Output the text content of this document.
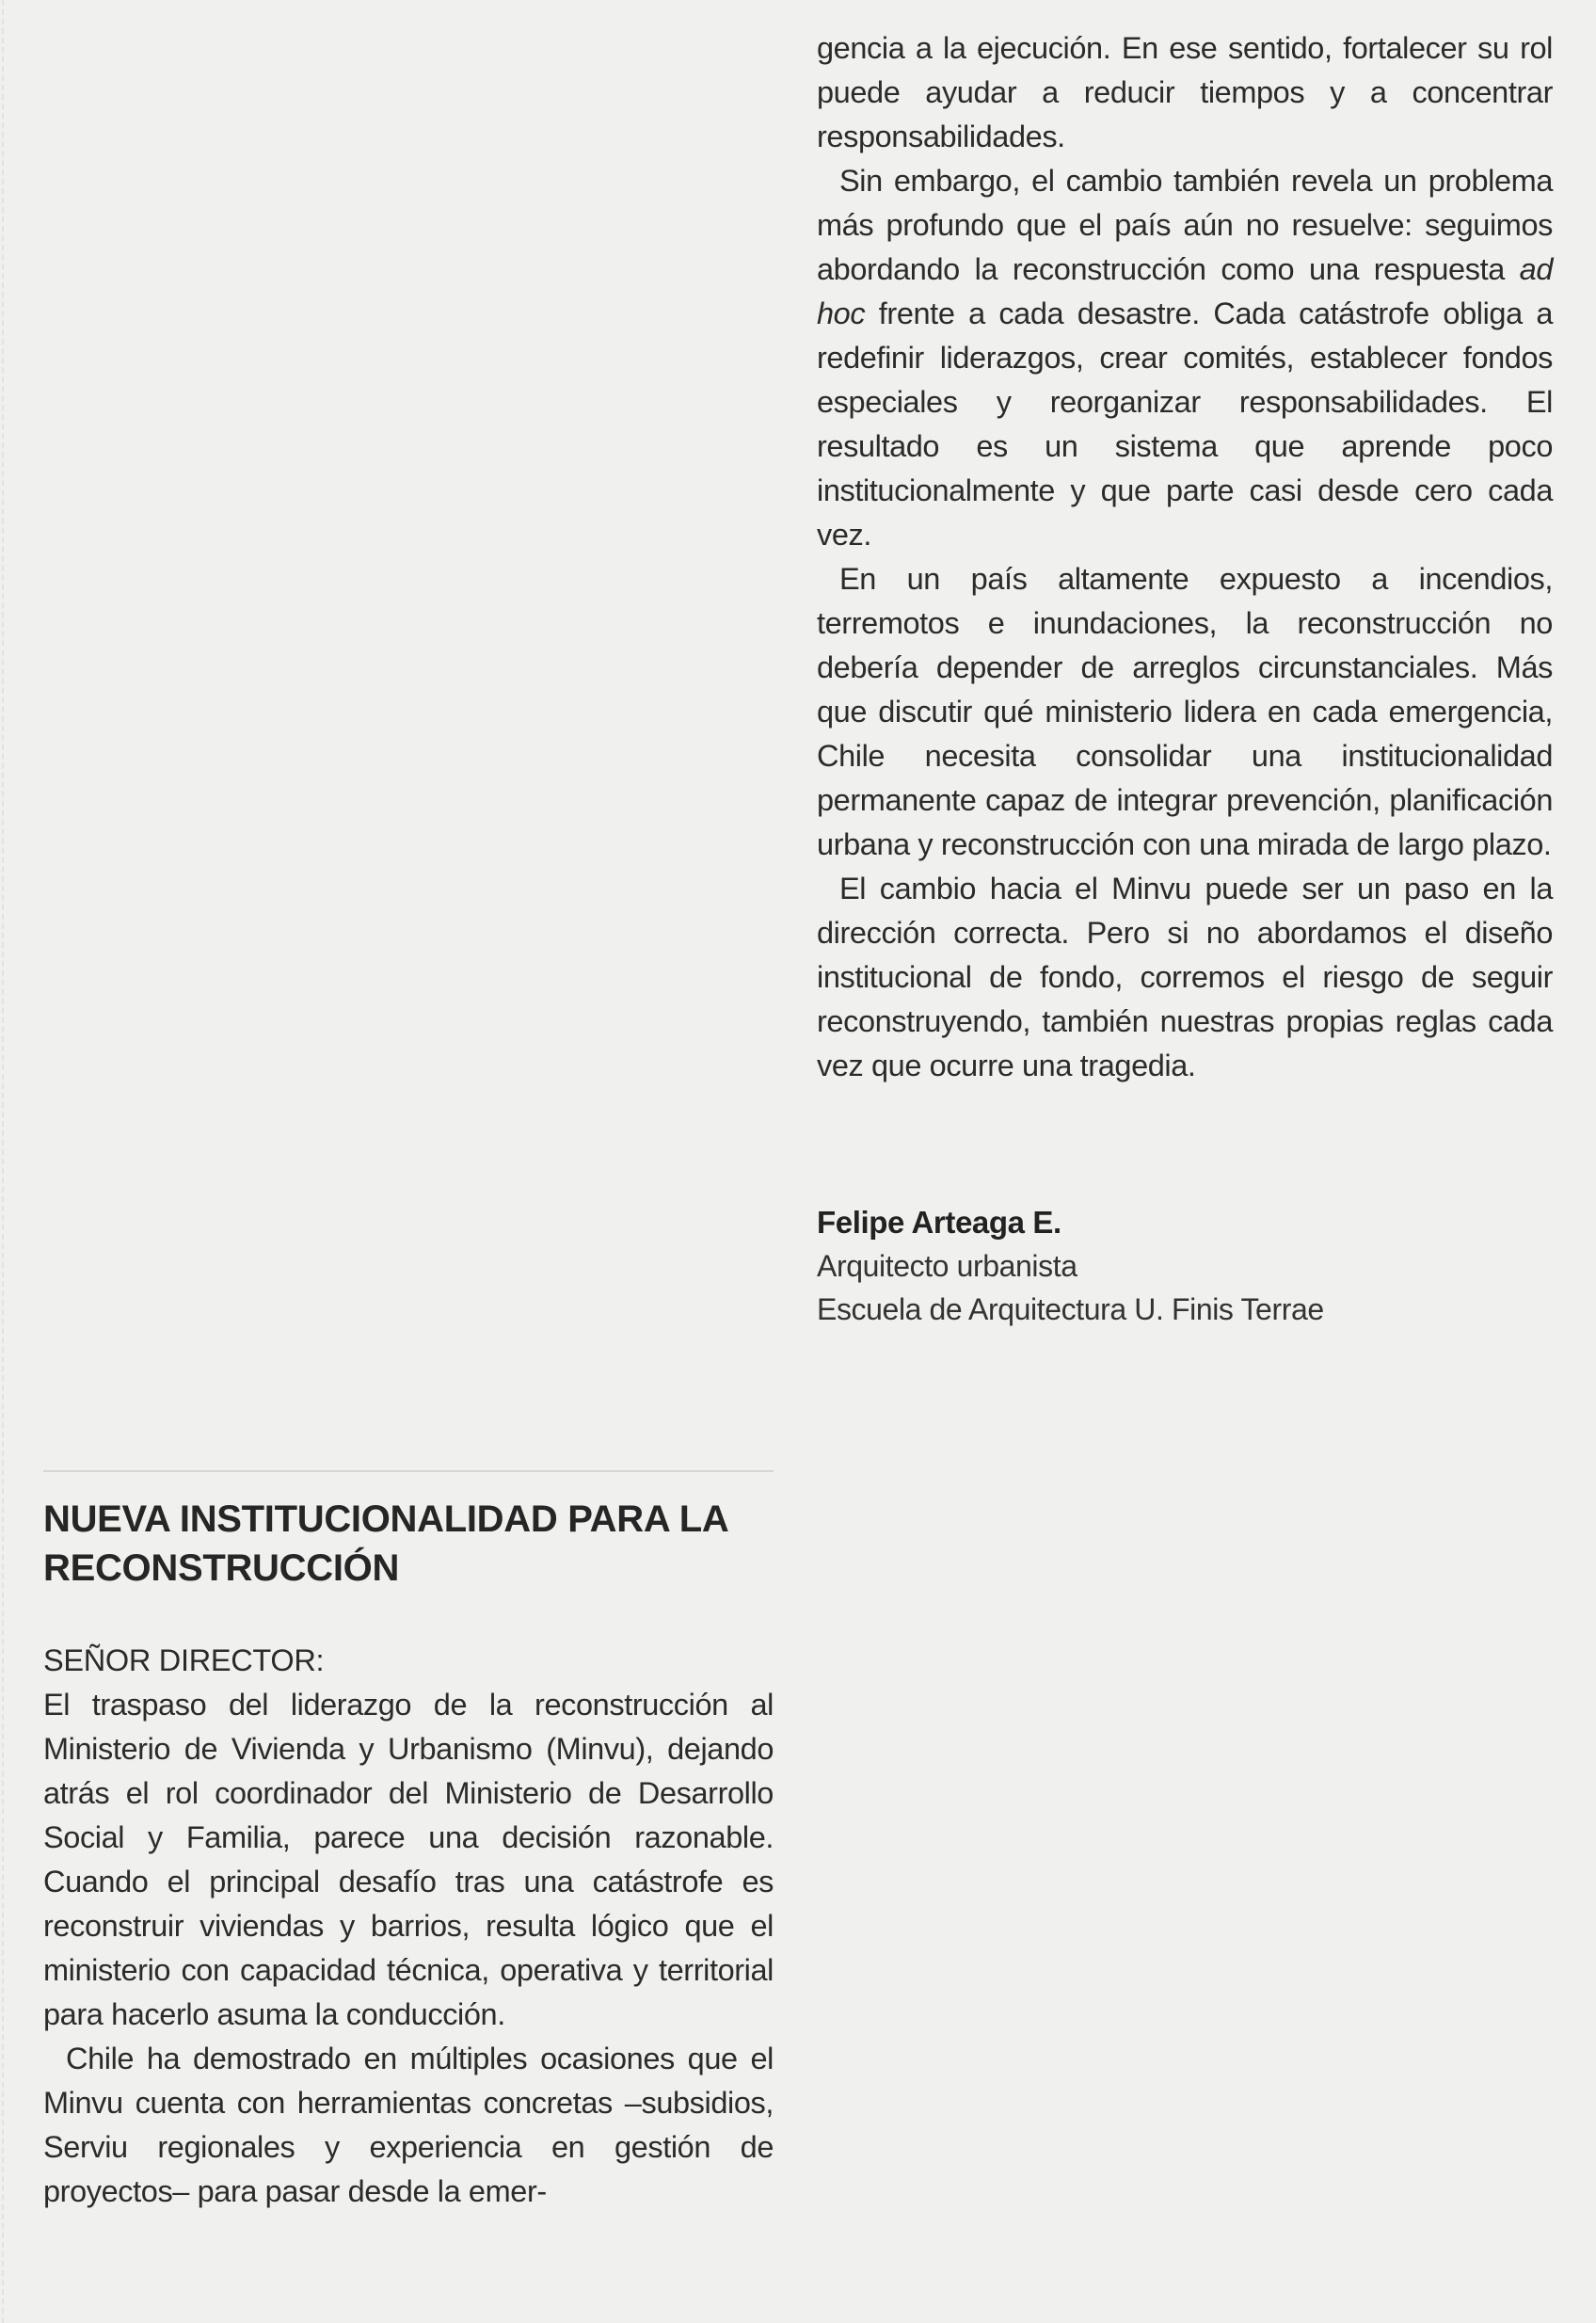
gencia a la ejecución. En ese sentido, fortalecer su rol puede ayudar a reducir tiempos y a concentrar responsabilidades.

Sin embargo, el cambio también revela un problema más profundo que el país aún no resuelve: seguimos abordando la reconstrucción como una respuesta ad hoc frente a cada desastre. Cada catástrofe obliga a redefinir liderazgos, crear comités, establecer fondos especiales y reorganizar responsabilidades. El resultado es un sistema que aprende poco institucionalmente y que parte casi desde cero cada vez.

En un país altamente expuesto a incendios, terremotos e inundaciones, la reconstrucción no debería depender de arreglos circunstanciales. Más que discutir qué ministerio lidera en cada emergencia, Chile necesita consolidar una institucionalidad permanente capaz de integrar prevención, planificación urbana y reconstrucción con una mirada de largo plazo.

El cambio hacia el Minvu puede ser un paso en la dirección correcta. Pero si no abordamos el diseño institucional de fondo, corremos el riesgo de seguir reconstruyendo, también nuestras propias reglas cada vez que ocurre una tragedia.

Felipe Arteaga E.
Arquitecto urbanista
Escuela de Arquitectura U. Finis Terrae
NUEVA INSTITUCIONALIDAD PARA LA RECONSTRUCCIÓN

SEÑOR DIRECTOR:

El traspaso del liderazgo de la reconstrucción al Ministerio de Vivienda y Urbanismo (Minvu), dejando atrás el rol coordinador del Ministerio de Desarrollo Social y Familia, parece una decisión razonable. Cuando el principal desafío tras una catástrofe es reconstruir viviendas y barrios, resulta lógico que el ministerio con capacidad técnica, operativa y territorial para hacerlo asuma la conducción.

Chile ha demostrado en múltiples ocasiones que el Minvu cuenta con herramientas concretas –subsidios, Serviu regionales y experiencia en gestión de proyectos– para pasar desde la emer-
